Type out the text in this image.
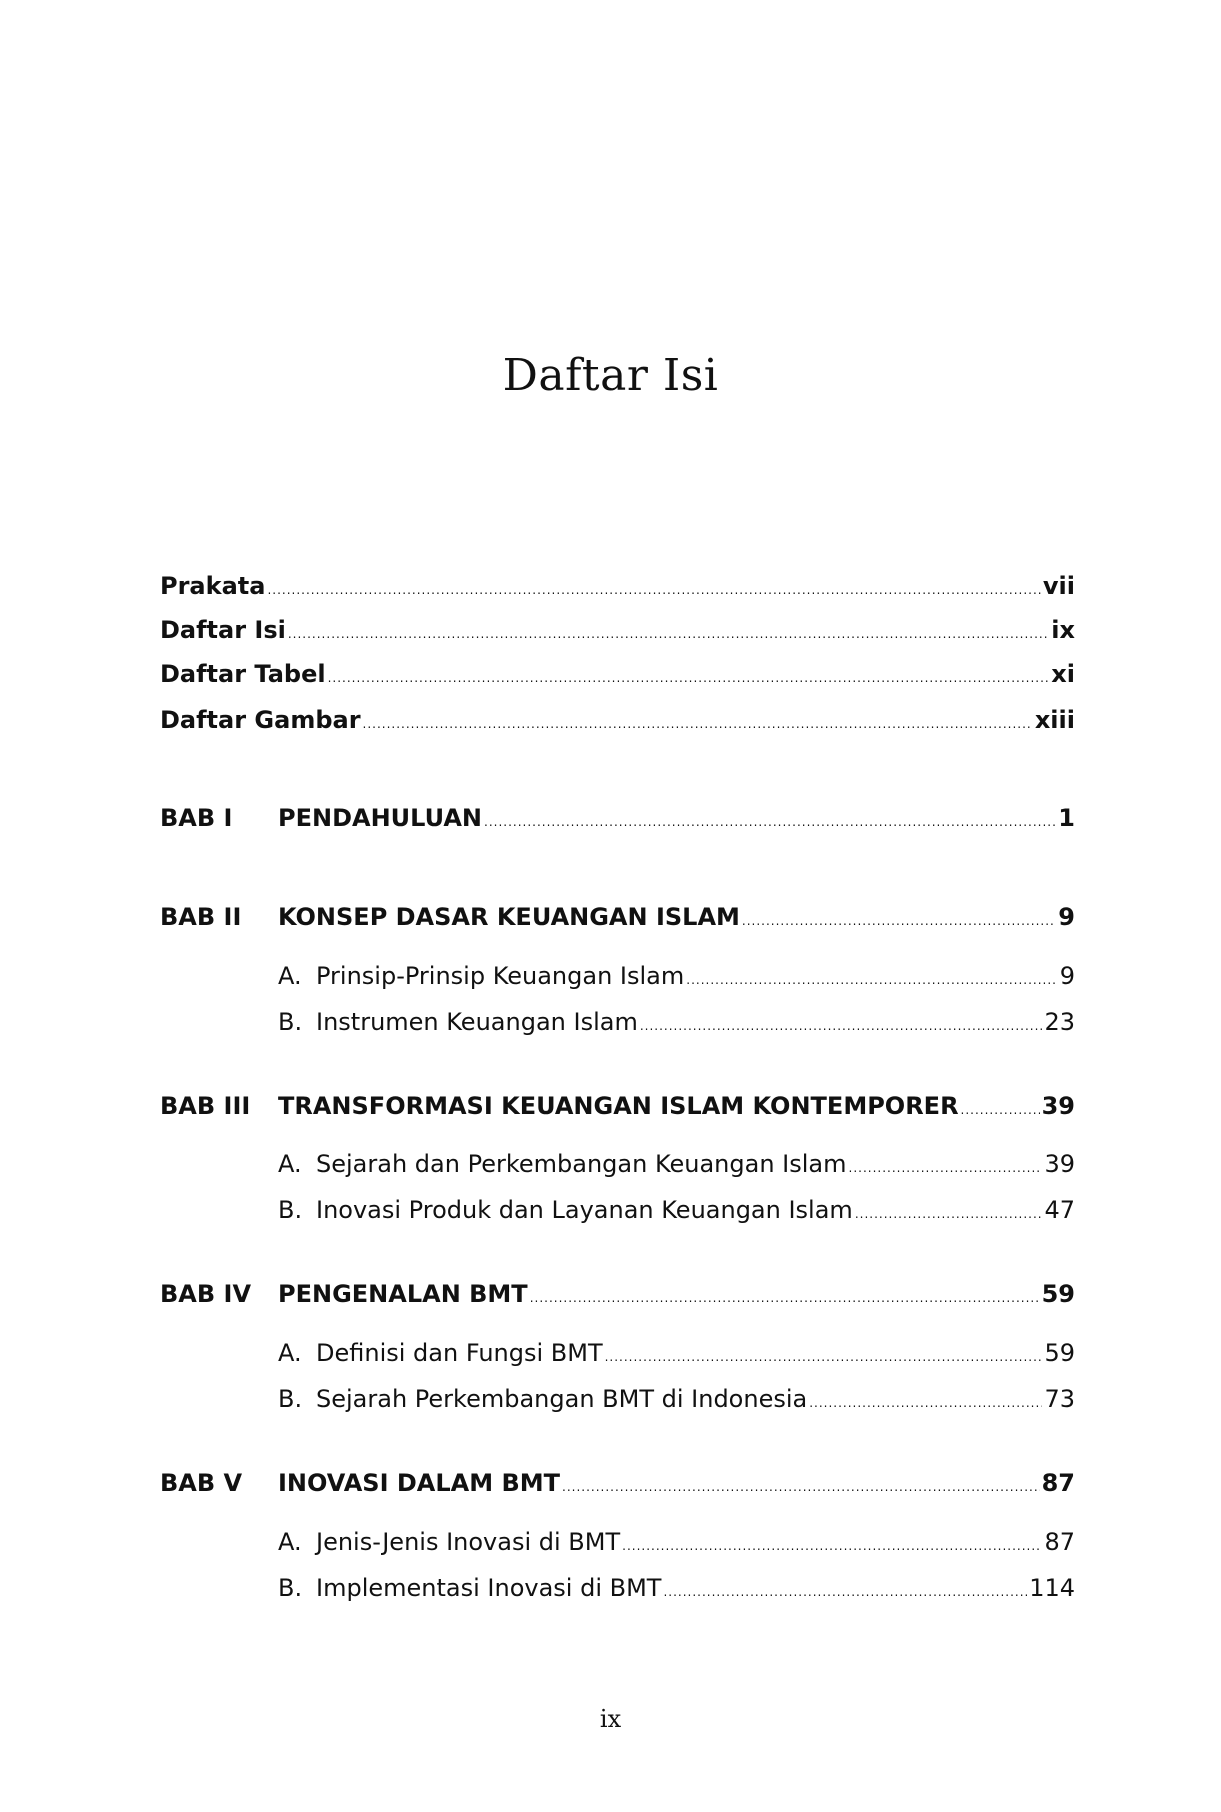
Daftar Isi
Prakata .....	vii
Daftar Isi .....	ix
Daftar Tabel .....	xi
Daftar Gambar .....	xiii
BAB I	PENDAHULUAN .....	1
BAB II	KONSEP DASAR KEUANGAN ISLAM .....	9
A. Prinsip-Prinsip Keuangan Islam .....	9
B. Instrumen Keuangan Islam .....	23
BAB III	TRANSFORMASI KEUANGAN ISLAM KONTEMPORER .....	39
A. Sejarah dan Perkembangan Keuangan Islam .....	39
B. Inovasi Produk dan Layanan Keuangan Islam .....	47
BAB IV	PENGENALAN BMT .....	59
A. Definisi dan Fungsi BMT .....	59
B. Sejarah Perkembangan BMT di Indonesia .....	73
BAB V	INOVASI DALAM BMT .....	87
A. Jenis-Jenis Inovasi di BMT .....	87
B. Implementasi Inovasi di BMT .....	114
ix
